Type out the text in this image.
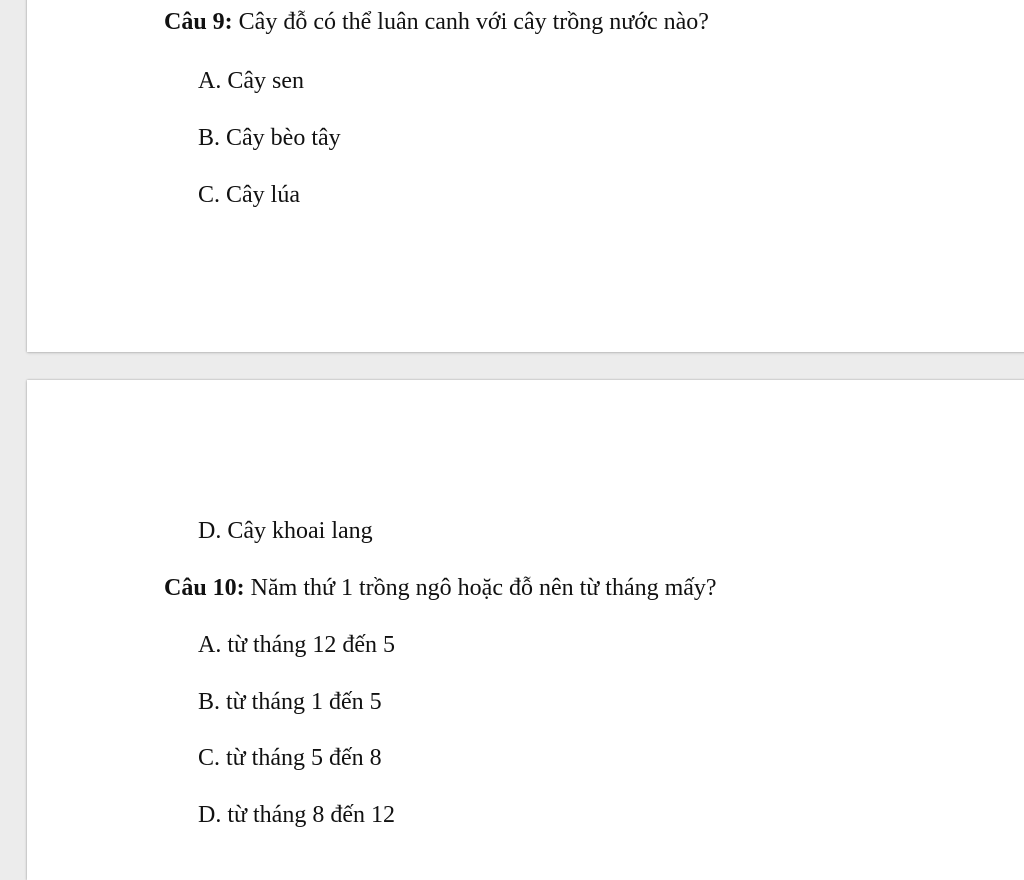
Câu 9: Cây đỗ có thể luân canh với cây trồng nước nào?
A. Cây sen
B. Cây bèo tây
C. Cây lúa
D. Cây khoai lang
Câu 10: Năm thứ 1 trồng ngô hoặc đỗ nên từ tháng mấy?
A. từ tháng 12 đến 5
B. từ tháng 1 đến 5
C. từ tháng 5 đến 8
D. từ tháng 8 đến 12
